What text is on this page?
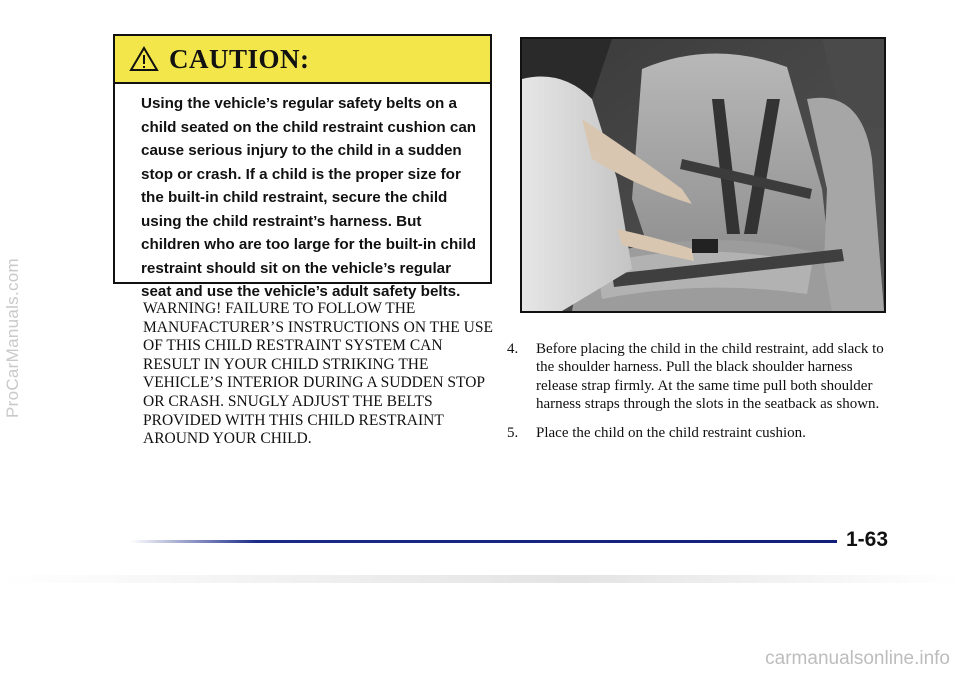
ProCarManuals.com
CAUTION:
Using the vehicle’s regular safety belts on a child seated on the child restraint cushion can cause serious injury to the child in a sudden stop or crash. If a child is the proper size for the built-in child restraint, secure the child using the child restraint’s harness. But children who are too large for the built-in child restraint should sit on the vehicle’s regular seat and use the vehicle’s adult safety belts.
WARNING! FAILURE TO FOLLOW THE MANUFACTURER’S INSTRUCTIONS ON THE USE OF THIS CHILD RESTRAINT SYSTEM CAN RESULT IN YOUR CHILD STRIKING THE VEHICLE’S INTERIOR DURING A SUDDEN STOP OR CRASH. SNUGLY ADJUST THE BELTS PROVIDED WITH THIS CHILD RESTRAINT AROUND YOUR CHILD.
4.	Before placing the child in the child restraint, add slack to the shoulder harness. Pull the black shoulder harness release strap firmly. At the same time pull both shoulder harness straps through the slots in the seatback as shown.
5.	Place the child on the child restraint cushion.
1-63
carmanualsonline.info
